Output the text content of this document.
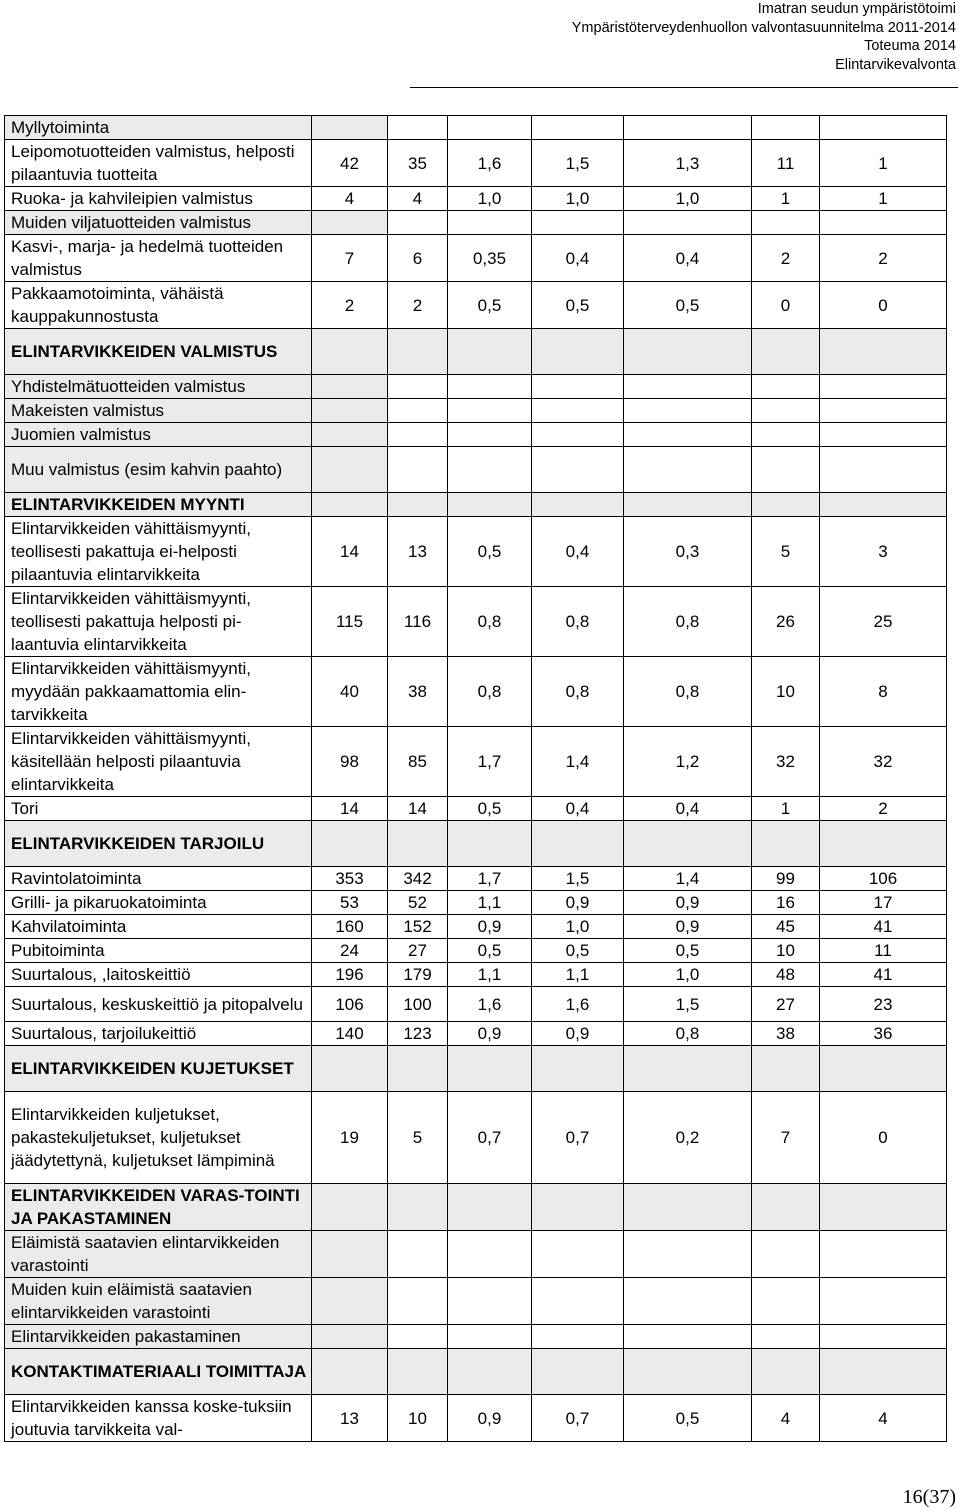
Imatran seudun ympäristötoimi
Ympäristöterveydenhuollon valvontasuunnitelma 2011-2014
Toteuma 2014
Elintarvikevalvonta
Myllytoiminta							
Leipomotuotteiden valmistus, helposti pilaantuvia tuotteita	42	35	1,6	1,5	1,3	11	1
Ruoka- ja kahvileipien valmistus	4	4	1,0	1,0	1,0	1	1
Muiden viljatuotteiden valmistus							
Kasvi-, marja- ja hedelmä tuotteiden valmistus	7	6	0,35	0,4	0,4	2	2
Pakkaamotoiminta, vähäistä kauppakunnostusta	2	2	0,5	0,5	0,5	0	0
ELINTARVIKKEIDEN VALMISTUS							
Yhdistelmätuotteiden valmistus							
Makeisten valmistus							
Juomien valmistus							
Muu valmistus (esim kahvin paahto)							
ELINTARVIKKEIDEN MYYNTI							
Elintarvikkeiden vähittäismyynti, teollisesti pakattuja ei-helposti pilaantuvia elintarvikkeita	14	13	0,5	0,4	0,3	5	3
Elintarvikkeiden vähittäismyynti, teollisesti pakattuja helposti pi-laantuvia elintarvikkeita	115	116	0,8	0,8	0,8	26	25
Elintarvikkeiden vähittäismyynti, myydään pakkaamattomia elin-tarvikkeita	40	38	0,8	0,8	0,8	10	8
Elintarvikkeiden vähittäismyynti, käsitellään helposti pilaantuvia elintarvikkeita	98	85	1,7	1,4	1,2	32	32
Tori	14	14	0,5	0,4	0,4	1	2
ELINTARVIKKEIDEN TARJOILU							
Ravintolatoiminta	353	342	1,7	1,5	1,4	99	106
Grilli- ja pikaruokatoiminta	53	52	1,1	0,9	0,9	16	17
Kahvilatoiminta	160	152	0,9	1,0	0,9	45	41
Pubitoiminta	24	27	0,5	0,5	0,5	10	11
Suurtalous, ,laitoskeittiö	196	179	1,1	1,1	1,0	48	41
Suurtalous, keskuskeittiö ja pitopalvelu	106	100	1,6	1,6	1,5	27	23
Suurtalous, tarjoilukeittiö	140	123	0,9	0,9	0,8	38	36
ELINTARVIKKEIDEN KUJETUKSET							
Elintarvikkeiden kuljetukset, pakastekuljetukset, kuljetukset jäädytettynä, kuljetukset lämpiminä	19	5	0,7	0,7	0,2	7	0
ELINTARVIKKEIDEN VARAS-TOINTI JA PAKASTAMINEN							
Eläimistä saatavien elintarvikkeiden varastointi							
Muiden kuin eläimistä saatavien elintarvikkeiden varastointi							
Elintarvikkeiden pakastaminen							
KONTAKTIMATERIAALI TOIMITTAJA							
Elintarvikkeiden kanssa koske-tuksiin joutuvia tarvikkeita val-	13	10	0,9	0,7	0,5	4	4
16(37)
